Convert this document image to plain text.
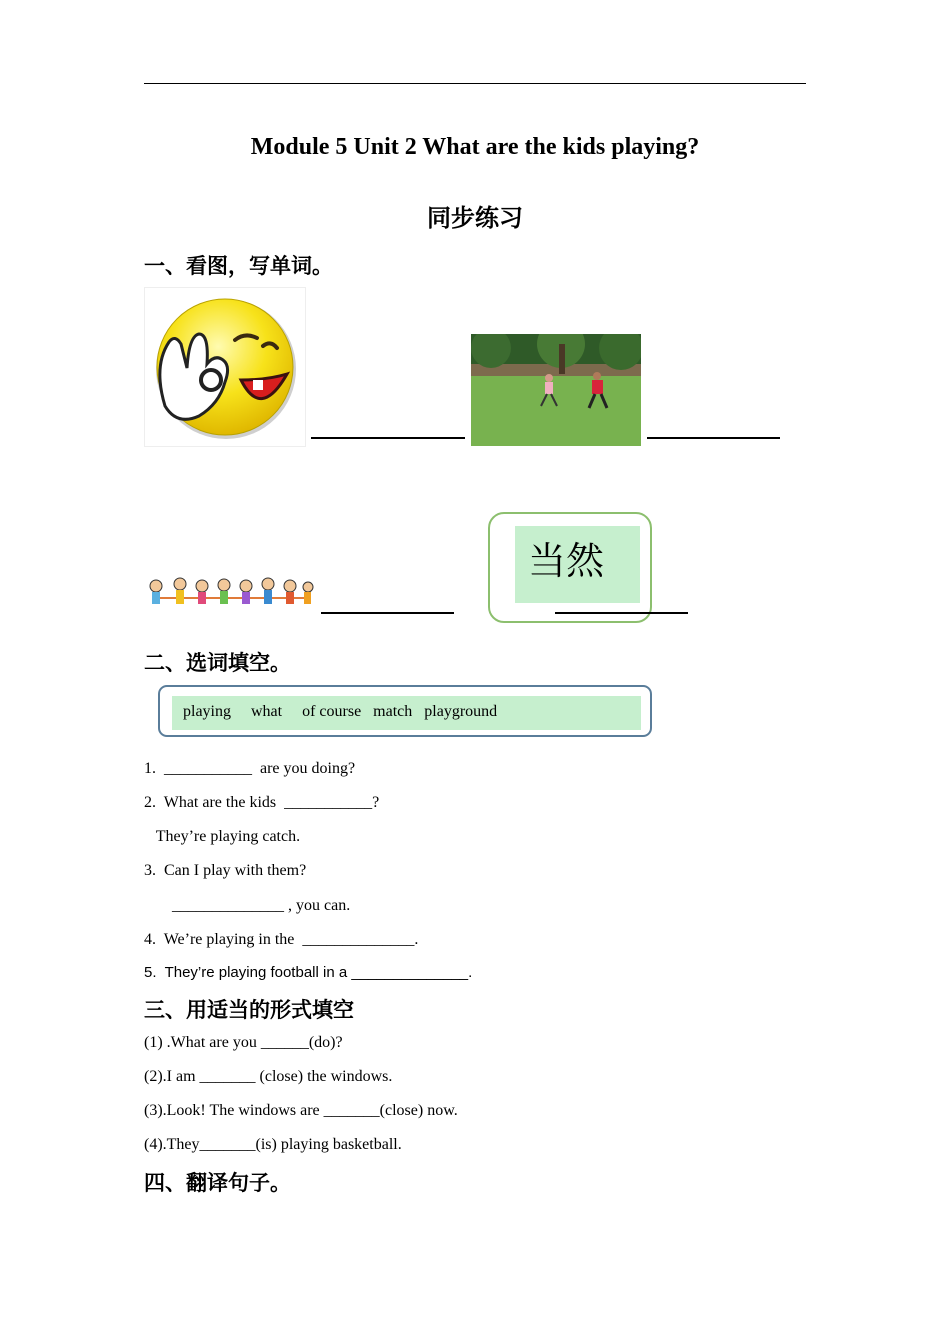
Module 5 Unit 2 What are the kids playing?
同步练习
一、看图，写单词。
当然
二、选词填空。
playing     what     of course   match   playground
1.  ___________  are you doing?
2.  What are the kids  ___________?
They’re playing catch.
3.  Can I play with them?
______________ , you can.
4.  We’re playing in the  ______________.
5.  They’re playing football in a ______________.
三、用适当的形式填空
(1) .What are you ______(do)?
(2).I am _______ (close) the windows.
(3).Look! The windows are _______(close) now.
(4).They_______(is) playing basketball.
四、翻译句子。
